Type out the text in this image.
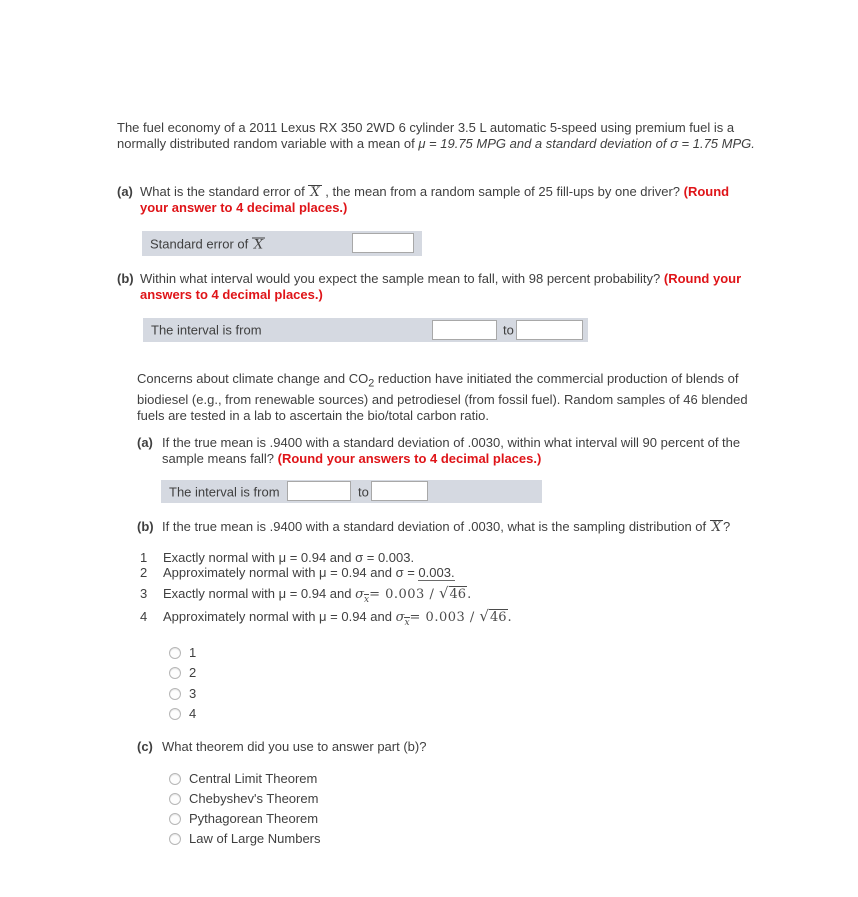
The fuel economy of a 2011 Lexus RX 350 2WD 6 cylinder 3.5 L automatic 5-speed using premium fuel is a normally distributed random variable with a mean of μ = 19.75 MPG and a standard deviation of σ = 1.75 MPG.
(a) What is the standard error of X , the mean from a random sample of 25 fill-ups by one driver? (Round your answer to 4 decimal places.)
Standard error of X
(b) Within what interval would you expect the sample mean to fall, with 98 percent probability? (Round your answers to 4 decimal places.)
The interval is from	to
Concerns about climate change and $CO_2$ reduction have initiated the commercial production of blends of biodiesel (e.g., from renewable sources) and petrodiesel (from fossil fuel). Random samples of 46 blended fuels are tested in a lab to ascertain the bio/total carbon ratio.
(a) If the true mean is .9400 with a standard deviation of .0030, within what interval will 90 percent of the sample means fall? (Round your answers to 4 decimal places.)
The interval is from	to
(b) If the true mean is .9400 with a standard deviation of .0030, what is the sampling distribution of X ?
1 Exactly normal with μ = 0.94 and σ = 0.003.
2 Approximately normal with μ = 0.94 and σ = 0.003.
3 Exactly normal with μ = 0.94 and $\sigma_x= 0.003 / √46$.
4 Approximately normal with μ = 0.94 and $\sigma_x= 0.003 / √46$.
1
2
3
4
(c) What theorem did you use to answer part (b)?
Central Limit Theorem
Chebyshev's Theorem
Pythagorean Theorem
Law of Large Numbers
